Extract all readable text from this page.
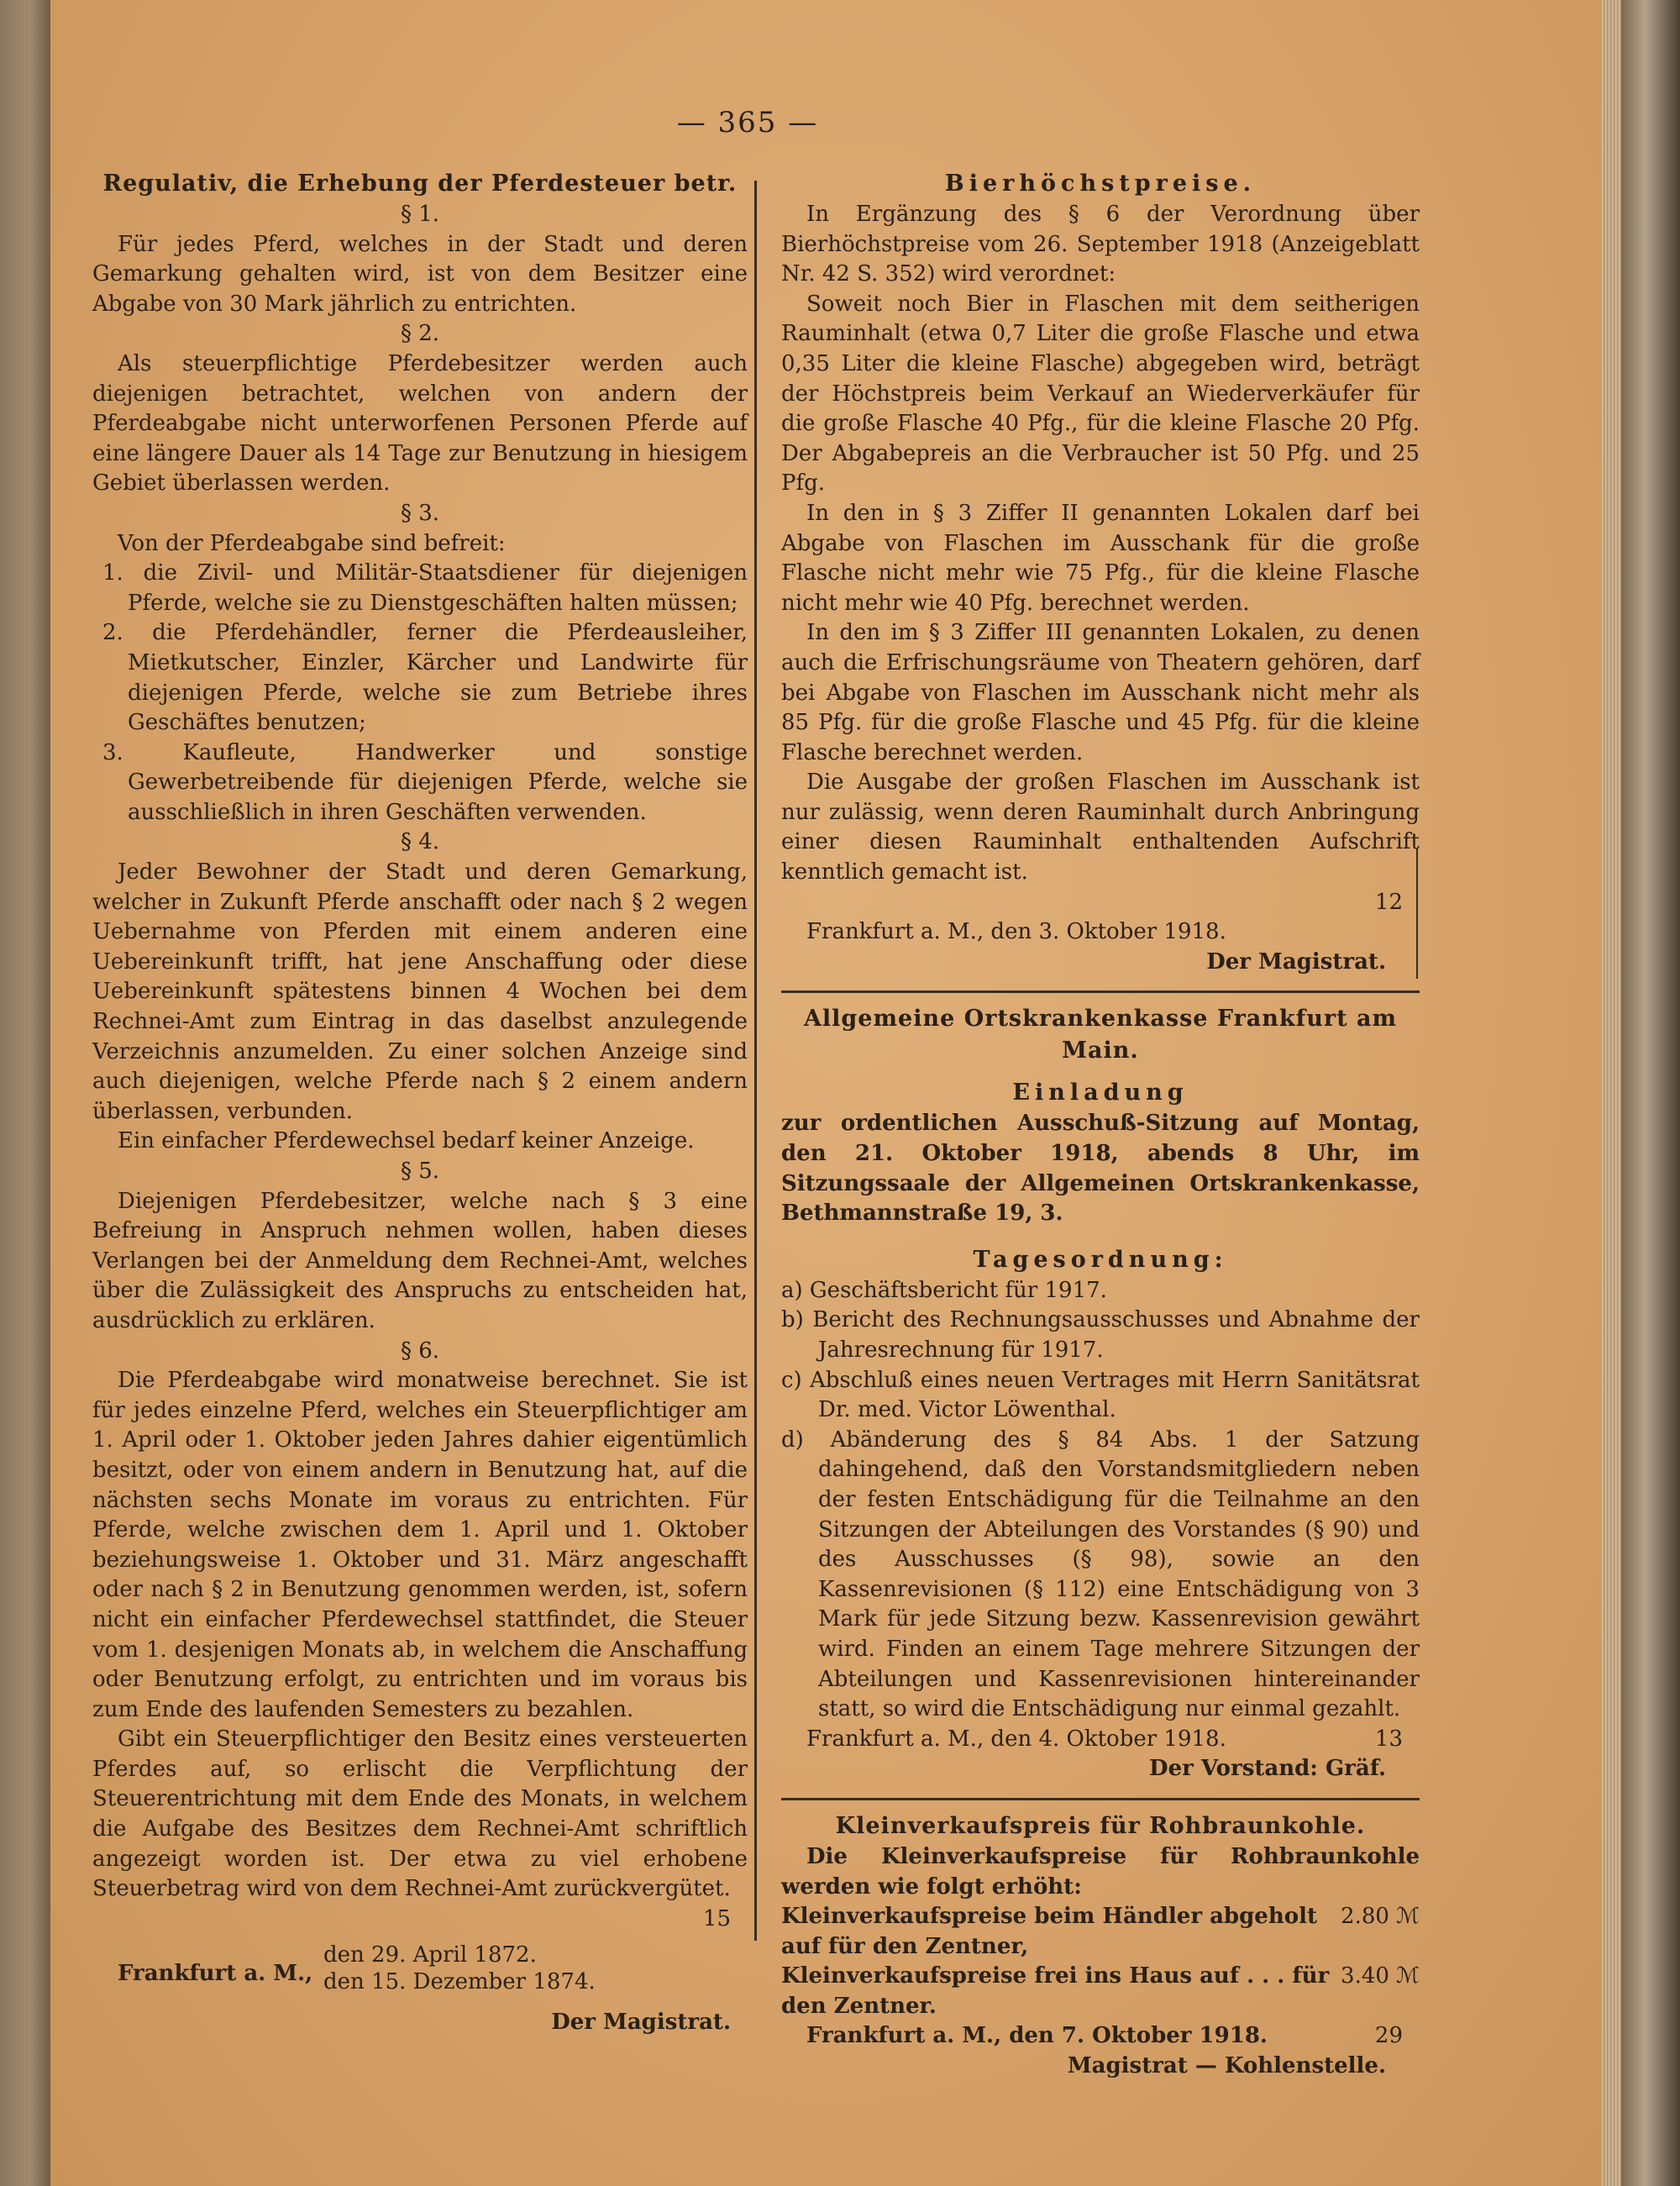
— 365 —
Regulativ, die Erhebung der Pferdesteuer betr.

§ 1.

Für jedes Pferd, welches in der Stadt und deren Gemarkung gehalten wird, ist von dem Besitzer eine Abgabe von 30 Mark jährlich zu entrichten.

§ 2.

Als steuerpflichtige Pferdebesitzer werden auch diejenigen betrachtet, welchen von andern der Pferdeabgabe nicht unterworfenen Personen Pferde auf eine längere Dauer als 14 Tage zur Benutzung in hiesigem Gebiet überlassen werden.

§ 3.

Von der Pferdeabgabe sind befreit:

1. die Zivil- und Militär-Staatsdiener für diejenigen Pferde, welche sie zu Dienstgeschäften halten müssen;

2. die Pferdehändler, ferner die Pferdeausleiher, Mietkutscher, Einzler, Kärcher und Landwirte für diejenigen Pferde, welche sie zum Betriebe ihres Geschäftes benutzen;

3. Kaufleute, Handwerker und sonstige Gewerbetreibende für diejenigen Pferde, welche sie ausschließlich in ihren Geschäften verwenden.

§ 4.

Jeder Bewohner der Stadt und deren Gemarkung, welcher in Zukunft Pferde anschafft oder nach § 2 wegen Uebernahme von Pferden mit einem anderen eine Uebereinkunft trifft, hat jene Anschaffung oder diese Uebereinkunft spätestens binnen 4 Wochen bei dem Rechnei-Amt zum Eintrag in das daselbst anzulegende Verzeichnis anzumelden. Zu einer solchen Anzeige sind auch diejenigen, welche Pferde nach § 2 einem andern überlassen, verbunden.

Ein einfacher Pferdewechsel bedarf keiner Anzeige.

§ 5.

Diejenigen Pferdebesitzer, welche nach § 3 eine Befreiung in Anspruch nehmen wollen, haben dieses Verlangen bei der Anmeldung dem Rechnei-Amt, welches über die Zulässigkeit des Anspruchs zu entscheiden hat, ausdrücklich zu erklären.

§ 6.

Die Pferdeabgabe wird monatweise berechnet. Sie ist für jedes einzelne Pferd, welches ein Steuerpflichtiger am 1. April oder 1. Oktober jeden Jahres dahier eigentümlich besitzt, oder von einem andern in Benutzung hat, auf die nächsten sechs Monate im voraus zu entrichten. Für Pferde, welche zwischen dem 1. April und 1. Oktober beziehungsweise 1. Oktober und 31. März angeschafft oder nach § 2 in Benutzung genommen werden, ist, sofern nicht ein einfacher Pferdewechsel stattfindet, die Steuer vom 1. desjenigen Monats ab, in welchem die Anschaffung oder Benutzung erfolgt, zu entrichten und im voraus bis zum Ende des laufenden Semesters zu bezahlen.

Gibt ein Steuerpflichtiger den Besitz eines versteuerten Pferdes auf, so erlischt die Verpflichtung der Steuerentrichtung mit dem Ende des Monats, in welchem die Aufgabe des Besitzes dem Rechnei-Amt schriftlich angezeigt worden ist. Der etwa zu viel erhobene Steuerbetrag wird von dem Rechnei-Amt zurückvergütet.

15

Frankfurt a. M.,
den 29. April 1872.
den 15. Dezember 1874.

Der Magistrat.

Bierhöchstpreise.

In Ergänzung des § 6 der Verordnung über Bierhöchstpreise vom 26. September 1918 (Anzeigeblatt Nr. 42 S. 352) wird verordnet:

Soweit noch Bier in Flaschen mit dem seitherigen Rauminhalt (etwa 0,7 Liter die große Flasche und etwa 0,35 Liter die kleine Flasche) abgegeben wird, beträgt der Höchstpreis beim Verkauf an Wiederverkäufer für die große Flasche 40 Pfg., für die kleine Flasche 20 Pfg. Der Abgabepreis an die Verbraucher ist 50 Pfg. und 25 Pfg.

In den in § 3 Ziffer II genannten Lokalen darf bei Abgabe von Flaschen im Ausschank für die große Flasche nicht mehr wie 75 Pfg., für die kleine Flasche nicht mehr wie 40 Pfg. berechnet werden.

In den im § 3 Ziffer III genannten Lokalen, zu denen auch die Erfrischungsräume von Theatern gehören, darf bei Abgabe von Flaschen im Ausschank nicht mehr als 85 Pfg. für die große Flasche und 45 Pfg. für die kleine Flasche berechnet werden.

Die Ausgabe der großen Flaschen im Ausschank ist nur zulässig, wenn deren Rauminhalt durch Anbringung einer diesen Rauminhalt enthaltenden Aufschrift kenntlich gemacht ist.

12

Frankfurt a. M., den 3. Oktober 1918.

Der Magistrat.

Allgemeine Ortskrankenkasse Frankfurt am Main.
Einladung

zur ordentlichen Ausschuß-Sitzung auf Montag, den 21. Oktober 1918, abends 8 Uhr, im Sitzungssaale der Allgemeinen Ortskrankenkasse, Bethmannstraße 19, 3.

Tagesordnung:

a) Geschäftsbericht für 1917.

b) Bericht des Rechnungsausschusses und Abnahme der Jahresrechnung für 1917.

c) Abschluß eines neuen Vertrages mit Herrn Sanitätsrat Dr. med. Victor Löwenthal.

d) Abänderung des § 84 Abs. 1 der Satzung dahingehend, daß den Vorstandsmitgliedern neben der festen Entschädigung für die Teilnahme an den Sitzungen der Abteilungen des Vorstandes (§ 90) und des Ausschusses (§ 98), sowie an den Kassenrevisionen (§ 112) eine Entschädigung von 3 Mark für jede Sitzung bezw. Kassenrevision gewährt wird. Finden an einem Tage mehrere Sitzungen der Abteilungen und Kassenrevisionen hintereinander statt, so wird die Entschädigung nur einmal gezahlt.

Frankfurt a. M., den 4. Oktober 1918.	13

Der Vorstand: Gräf.

Kleinverkaufspreis für Rohbraunkohle.

Die Kleinverkaufspreise für Rohbraunkohle werden wie folgt erhöht:

Kleinverkaufspreise beim Händler abgeholt auf für den Zentner,
2.80 ℳ
Kleinverkaufspreise frei ins Haus auf . . . für den Zentner.
3.40 ℳ

Frankfurt a. M., den 7. Oktober 1918.	29

Magistrat — Kohlenstelle.
